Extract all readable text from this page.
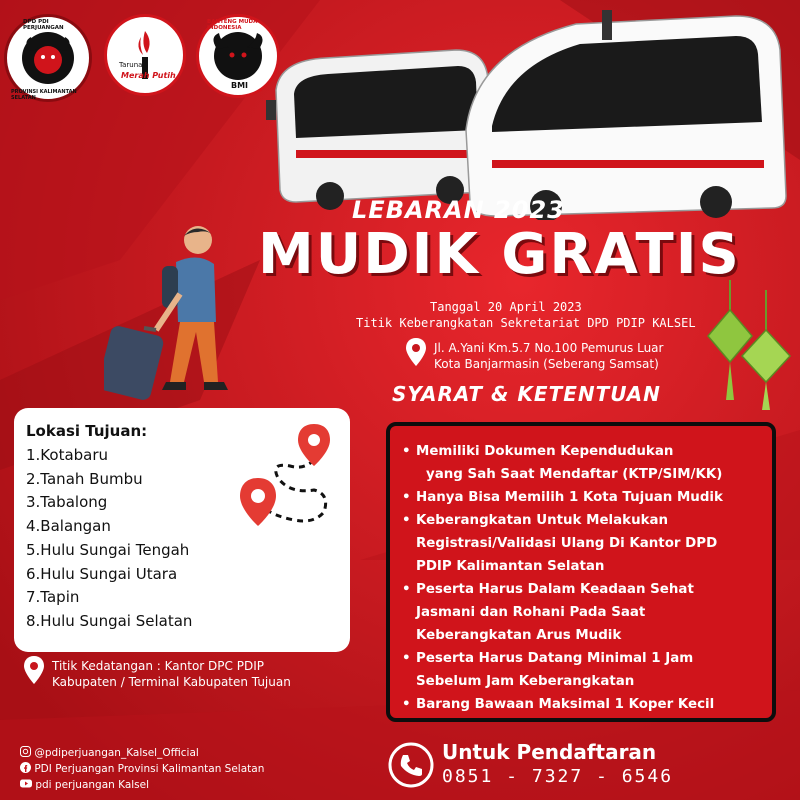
DPD PDI PERJUANGAN
PROVINSI KALIMANTAN SELATAN
Taruna
Merah Putih
BANTENG MUDA INDONESIA
BMI
LEBARAN 2023
MUDIK GRATIS
Tanggal 20 April 2023
Titik Keberangkatan Sekretariat DPD PDIP KALSEL
Jl. A.Yani Km.5.7 No.100 Pemurus Luar
Kota Banjarmasin (Seberang Samsat)
Lokasi Tujuan:
1.Kotabaru
2.Tanah Bumbu
3.Tabalong
4.Balangan
5.Hulu Sungai Tengah
6.Hulu Sungai Utara
7.Tapin
8.Hulu Sungai Selatan
Titik Kedatangan : Kantor DPC PDIP
Kabupaten / Terminal Kabupaten Tujuan
SYARAT & KETENTUAN
• Memiliki Dokumen Kependudukan
yang Sah Saat Mendaftar (KTP/SIM/KK)
• Hanya Bisa Memilih 1 Kota Tujuan Mudik
• Keberangkatan Untuk Melakukan
Registrasi/Validasi Ulang Di Kantor DPD
PDIP Kalimantan Selatan
• Peserta Harus Dalam Keadaan Sehat
Jasmani dan Rohani Pada Saat
Keberangkatan Arus Mudik
• Peserta Harus Datang Minimal 1 Jam
Sebelum Jam Keberangkatan
• Barang Bawaan Maksimal 1 Koper Kecil
@pdiperjuangan_Kalsel_Official
PDI Perjuangan Provinsi Kalimantan Selatan
pdi perjuangan Kalsel
Untuk Pendaftaran
0851 - 7327 - 6546
